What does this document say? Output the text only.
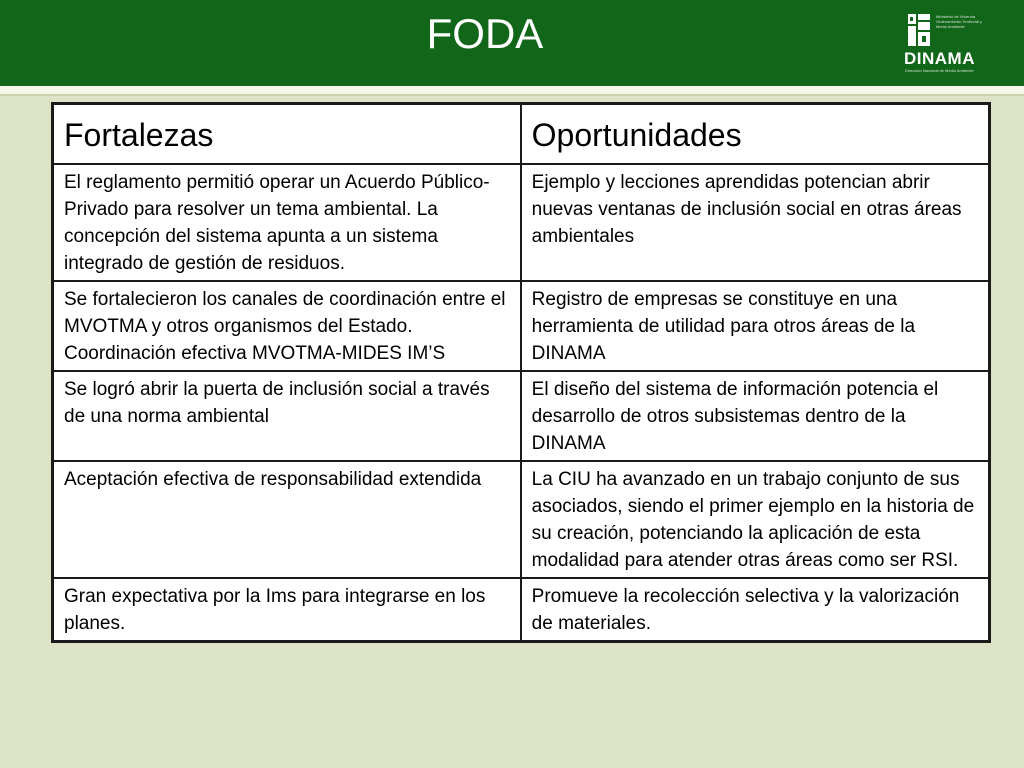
FODA	Ministerio de Vivienda Ordenamiento Territorial y Medio Ambiente
DINAMA
Dirección Nacional de Medio Ambiente
Fortalezas	Oportunidades
El reglamento permitió operar un Acuerdo Público-Privado para resolver un tema ambiental. La concepción del sistema apunta a un sistema integrado de gestión de residuos.	Ejemplo y lecciones aprendidas potencian abrir nuevas ventanas de inclusión social en otras áreas ambientales
Se fortalecieron los canales de coordinación entre el MVOTMA y otros organismos del Estado. Coordinación efectiva MVOTMA-MIDES IM’S	Registro de empresas se constituye en una herramienta de utilidad para otros áreas de la DINAMA
Se logró abrir la puerta de inclusión social a través de una norma ambiental	El diseño del sistema de información potencia el desarrollo de otros subsistemas dentro de la DINAMA
Aceptación efectiva de responsabilidad extendida	La CIU ha avanzado en un trabajo conjunto de sus asociados, siendo el primer ejemplo en la historia de su creación, potenciando la aplicación de esta modalidad para atender otras áreas como ser RSI.
Gran expectativa por la Ims para integrarse en los planes.	Promueve la recolección selectiva y la valorización de materiales.
